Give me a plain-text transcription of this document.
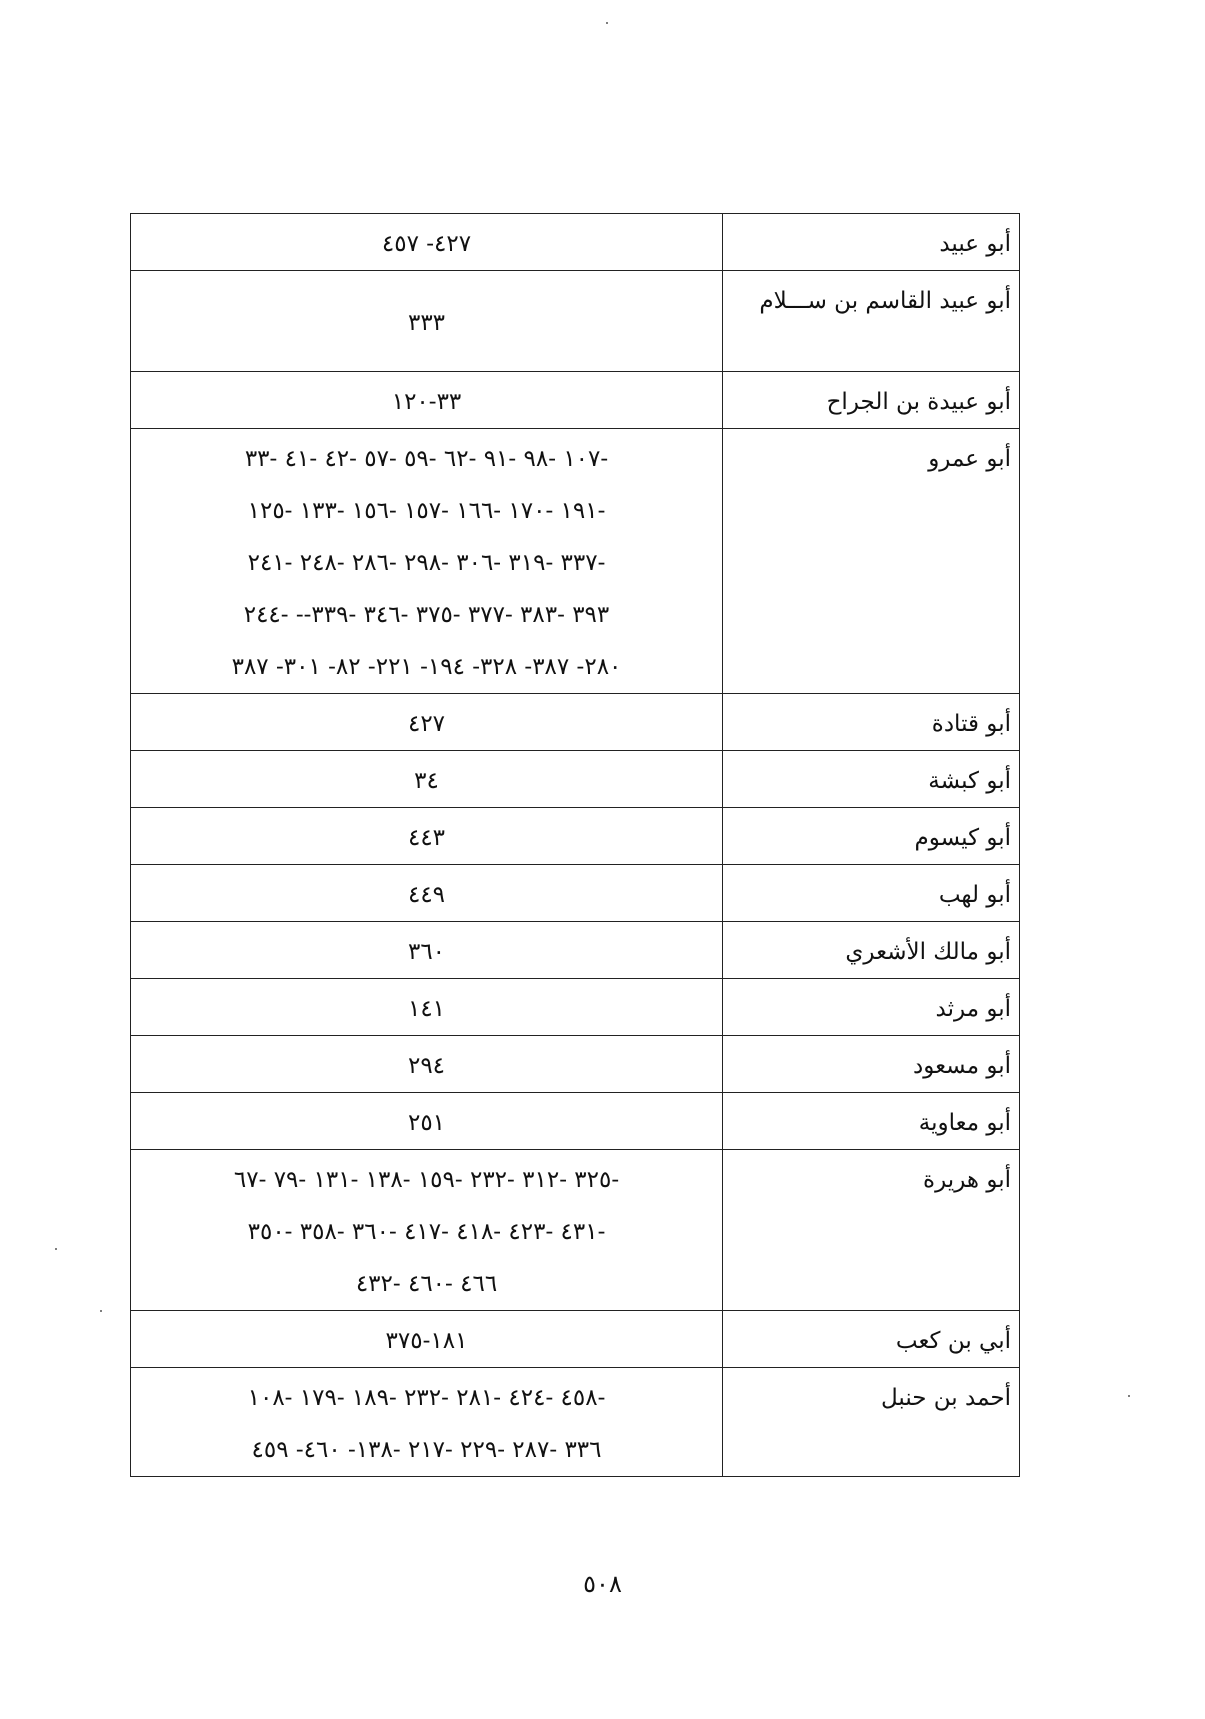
أبو عبيد	٤٢٧- ٤٥٧

أبو عبيد القاسم بن ســـلام	٣٣٣

أبو عبيدة بن الجراح	٣٣-١٢٠

أبو عمرو	-١٠٧ -٩٨ -٩١ -٦٢ -٥٩ -٥٧ -٤٢ -٤١ -٣٣
-١٩١ -١٧٠ -١٦٦ -١٥٧ -١٥٦ -١٣٣ -١٢٥
-٣٣٧ -٣١٩ -٣٠٦ -٢٩٨ -٢٨٦ -٢٤٨ -٢٤١
٣٩٣ -٣٨٣ -٣٧٧ -٣٧٥ -٣٤٦ -٣٣٩-- -٢٤٤
٢٨٠- ٣٨٧- ٣٢٨- ١٩٤- ٢٢١- ٨٢- ٣٠١- ٣٨٧

أبو قتادة	٤٢٧

أبو كبشة	٣٤

أبو كيسوم	٤٤٣

أبو لهب	٤٤٩

أبو مالك الأشعري	٣٦٠

أبو مرثد	١٤١

أبو مسعود	٢٩٤

أبو معاوية	٢٥١

أبو هريرة	-٣٢٥ -٣١٢ -٢٣٢ -١٥٩ -١٣٨ -١٣١ -٧٩ -٦٧
-٤٣١ -٤٢٣ -٤١٨ -٤١٧ -٣٦٠ -٣٥٨ -٣٥٠
٤٦٦ -٤٦٠ -٤٣٢

أبي بن كعب	١٨١-٣٧٥

أحمد بن حنبل	-٤٥٨ -٤٢٤ -٢٨١ -٢٣٢ -١٨٩ -١٧٩ -١٠٨
٣٣٦ -٢٨٧ -٢٢٩ -٢١٧ -١٣٨- ٤٦٠- ٤٥٩
٥٠٨
